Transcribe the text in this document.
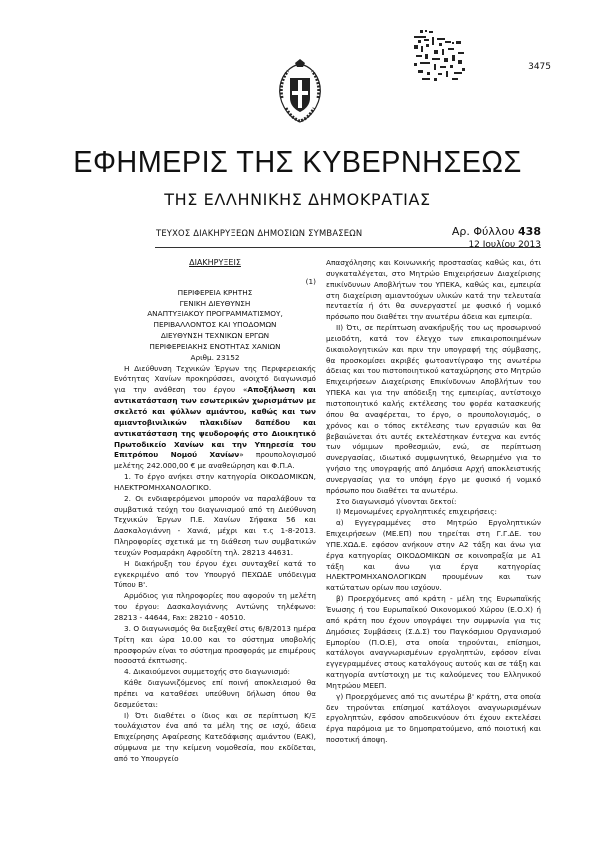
3475
ΕΦΗΜΕΡΙΣ ΤΗΣ ΚΥΒΕΡΝΗΣΕΩΣ
ΤΗΣ ΕΛΛΗΝΙΚΗΣ ΔΗΜΟΚΡΑΤΙΑΣ
ΤΕΥΧΟΣ ΔΙΑΚΗΡΥΞΕΩΝ ΔΗΜΟΣΙΩΝ ΣΥΜΒΑΣΕΩΝ	Αρ. Φύλλου 438
12 Ιουλίου 2013

ΔΙΑΚΗΡΥΞΕΙΣ

(1)

ΠΕΡΙΦΕΡΕΙΑ ΚΡΗΤΗΣ

ΓΕΝΙΚΗ ΔΙΕΥΘΥΝΣΗ

ΑΝΑΠΤΥΞΙΑΚΟΥ ΠΡΟΓΡΑΜΜΑΤΙΣΜΟΥ,

ΠΕΡΙΒΑΛΛΟΝΤΟΣ ΚΑΙ ΥΠΟΔΟΜΩΝ

ΔΙΕΥΘΥΝΣΗ ΤΕΧΝΙΚΩΝ ΕΡΓΩΝ

ΠΕΡΙΦΕΡΕΙΑΚΗΣ ΕΝΟΤΗΤΑΣ ΧΑΝΙΩΝ

Αριθμ. 23152

Η Διεύθυνση Τεχνικών Έργων της Περιφερειακής Ενότητας Χανίων προκηρύσσει, ανοιχτό διαγωνισμό για την ανάθεση του έργου «Αποξήλωση και αντικατάσταση των εσωτερικών χωρισμάτων με σκελετό και φύλλων αμιάντου, καθώς και των αμιαντοβινιλικών πλακιδίων δαπέδου και αντικατάσταση της ψευδοροφής στο Διοικητικό Πρωτοδικείο Χανίων και την Υπηρεσία του Επιτρόπου Νομού Χανίων» προυπολογισμού μελέτης 242.000,00 € με αναθεώρηση και Φ.Π.Α.

1. Το έργο ανήκει στην κατηγορία ΟΙΚΟΔΟΜΙΚΩΝ, ΗΛΕΚΤΡΟΜΗΧΑΝΟΛΟΓΙΚΟ.

2. Οι ενδιαφερόμενοι μπορούν να παραλάβουν τα συμβατικά τεύχη του διαγωνισμού από τη Διεύθυνση Τεχνικών Έργων Π.Ε. Χανίων Σήφακα 56 και Δασκαλογιάννη - Χανιά, μέχρι και τ.ς 1-8-2013. Πληροφορίες σχετικά με τη διάθεση των συμβατικών τευχών Ροσμαράκη Αφροδίτη τηλ. 28213 44631.

Η διακήρυξη του έργου έχει συνταχθεί κατά το εγκεκριμένο από τον Υπουργό ΠΕΧΩΔΕ υπόδειγμα Τύπου Β'.

Αρμόδιος για πληροφορίες που αφορούν τη μελέτη του έργου: Δασκαλογιάννης Αντώνης τηλέφωνο: 28213 - 44644, Fax: 28210 - 40510.

3. Ο διαγωνισμός θα διεξαχθεί στις 6/8/2013 ημέρα Τρίτη και ώρα 10.00 και το σύστημα υποβολής προσφορών είναι το σύστημα προσφοράς με επιμέρους ποσοστά έκπτωσης.

4. Δικαιούμενοι συμμετοχής στο διαγωνισμό:

Κάθε διαγωνιζόμενος επί ποινή αποκλεισμού θα πρέπει να καταθέσει υπεύθυνη δήλωση όπου θα δεσμεύεται:

Ι) Ότι διαθέτει ο ίδιος και σε περίπτωση Κ/Ξ τουλάχιστον ένα από τα μέλη της σε ισχύ, άδεια Επιχείρησης Αφαίρεσης Κατεδάφισης αμιάντου (ΕΑΚ), σύμφωνα με την κείμενη νομοθεσία, που εκδίδεται, από το Υπουργείο

Απασχόλησης και Κοινωνικής προστασίας καθώς και, ότι συγκαταλέγεται, στο Μητρώο Επιχειρήσεων Διαχείρισης επικίνδυνων Αποβλήτων του ΥΠΕΚΑ, καθώς και, εμπειρία στη διαχείριση αμιαντούχων υλικών κατά την τελευταία πενταετία ή ότι θα συνεργαστεί με φυσικό ή νομικό πρόσωπο που διαθέτει την ανωτέρω άδεια και εμπειρία.

ΙΙ) Ότι, σε περίπτωση ανακήρυξής του ως προσωρινού μειοδότη, κατά τον έλεγχο των επικαιροποιημένων δικαιολογητικών και πριν την υπογραφή της σύμβασης, θα προσκομίσει ακριβές φωτοαντίγραφο της ανωτέρω άδειας και του πιστοποιητικού καταχώρησης στο Μητρώο Επιχειρήσεων Διαχείρισης Επικίνδυνων Αποβλήτων του ΥΠΕΚΑ και για την απόδειξη της εμπειρίας, αντίστοιχο πιστοποιητικό καλής εκτέλεσης του φορέα κατασκευής όπου θα αναφέρεται, το έργο, ο προυπολογισμός, ο χρόνος και ο τόπος εκτέλεσης των εργασιών και θα βεβαιώνεται ότι αυτές εκτελέστηκαν έντεχνα και εντός των νόμιμων προθεσμιών, ενώ, σε περίπτωση συνεργασίας, ιδιωτικό συμφωνητικό, θεωρημένο για το γνήσιο της υπογραφής από Δημόσια Αρχή αποκλειστικής συνεργασίας για το υπόψη έργο με φυσικό ή νομικό πρόσωπο που διαθέτει τα ανωτέρω.

Στο διαγωνισμό γίνονται δεκτοί:

Ι) Μεμονωμένες εργοληπτικές επιχειρήσεις:

α) Εγγεγραμμένες στο Μητρώο Εργοληπτικών Επιχειρήσεων (ΜΕ.ΕΠ) που τηρείται στη Γ.Γ.ΔΕ. του ΥΠΕ.ΧΩΔ.Ε. εφόσον ανήκουν στην Α2 τάξη και άνω για έργα κατηγορίας ΟΙΚΟΔΟΜΙΚΩΝ σε κοινοπραξία με Α1 τάξη και άνω για έργα κατηγορίας ΗΛΕΚΤΡΟΜΗΧΑΝΟΛΟΓΙΚΩΝ προυμένων και των κατώτατων ορίων που ισχύουν.

β) Προερχόμενες από κράτη - μέλη της Ευρωπαϊκής Ένωσης ή του Ευρωπαϊκού Οικονομικού Χώρου (Ε.Ο.Χ) ή από κράτη που έχουν υπογράψει την συμφωνία για τις Δημόσιες Συμβάσεις (Σ.Δ.Σ) του Παγκόσμιου Οργανισμού Εμπορίου (Π.Ο.Ε), στα οποία τηρούνται, επίσημοι, κατάλογοι αναγνωρισμένων εργοληπτών, εφόσον είναι εγγεγραμμένες στους καταλόγους αυτούς και σε τάξη και κατηγορία αντίστοιχη με τις καλούμενες του Ελληνικού Μητρώου ΜΕΕΠ.

γ) Προερχόμενες από τις ανωτέρω β' κράτη, στα οποία δεν τηρούνται επίσημοί κατάλογοι αναγνωρισμένων εργοληπτών, εφόσον αποδεικνύουν ότι έχουν εκτελέσει έργα παρόμοια με το δημοπρατούμενο, από ποιοτική και ποσοτική άποψη.
